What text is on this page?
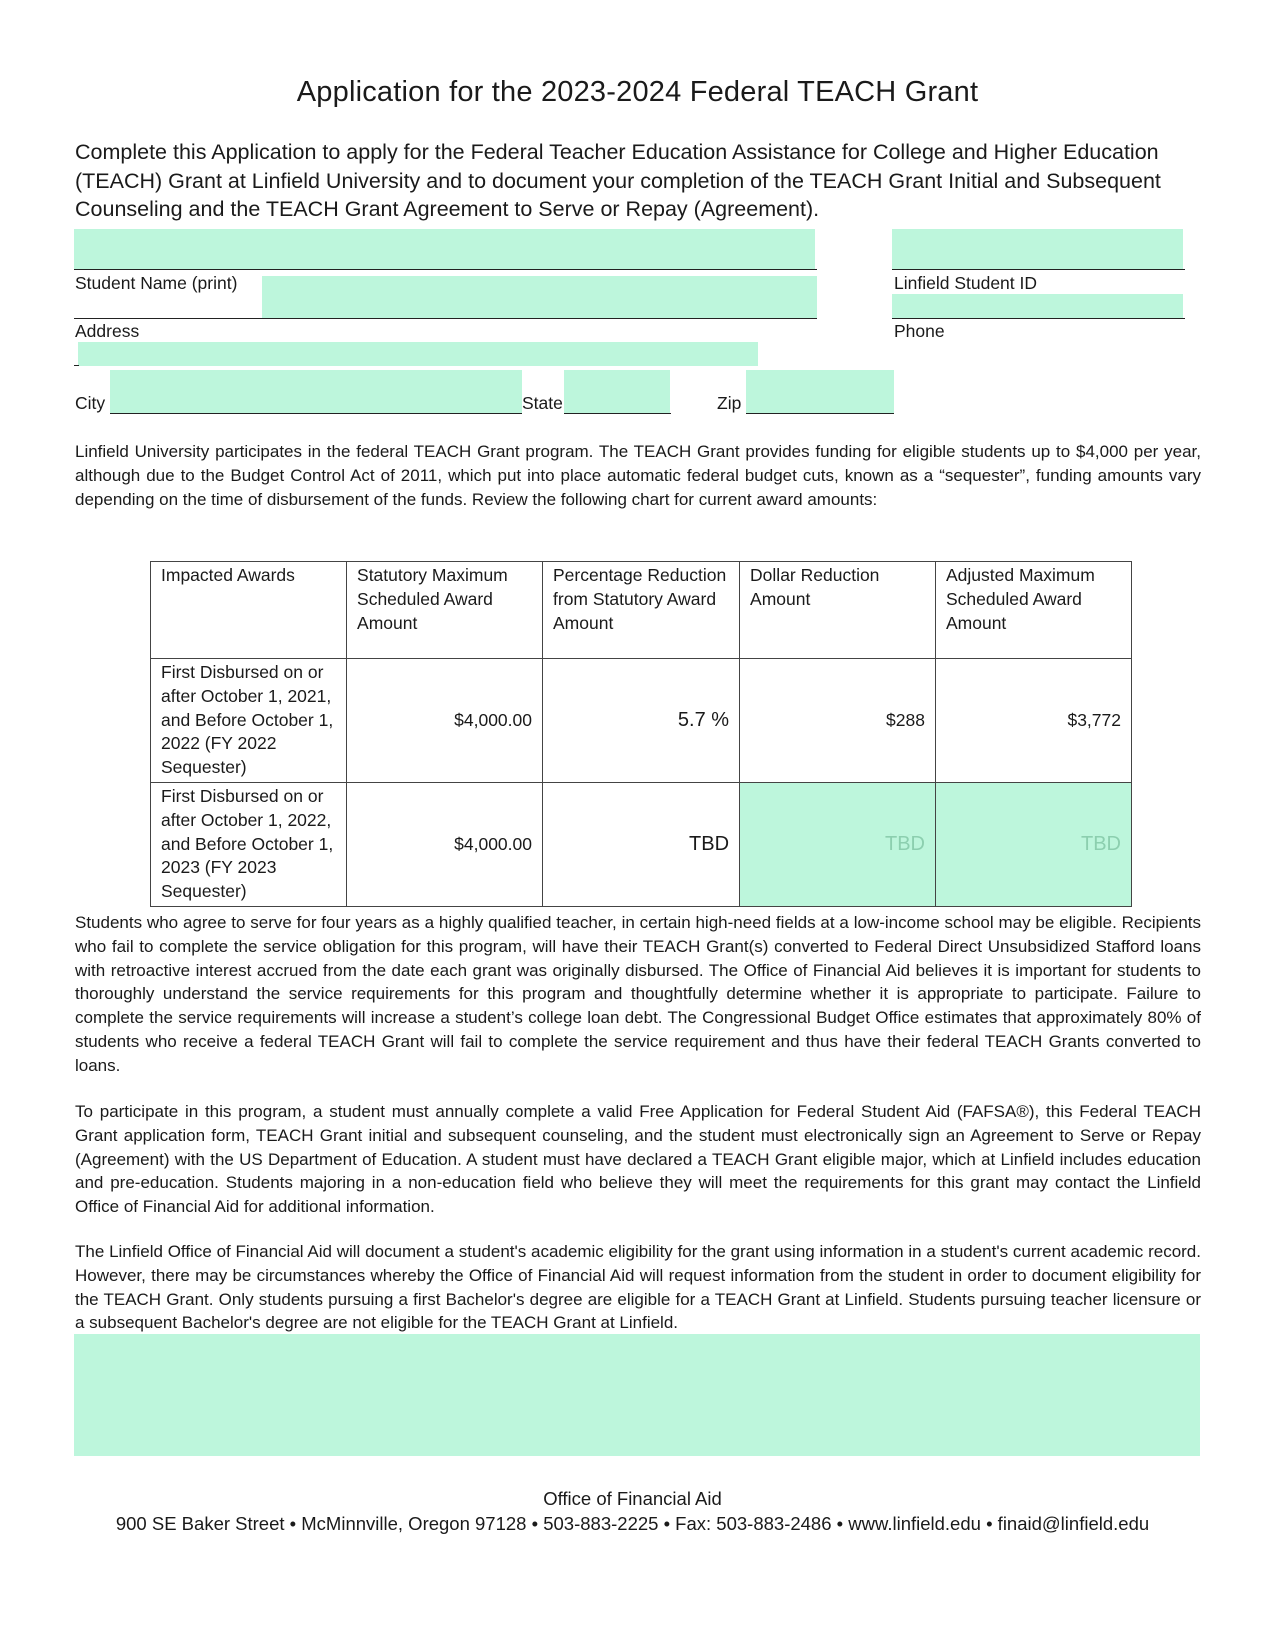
Application for the 2023-2024 Federal TEACH Grant
Complete this Application to apply for the Federal Teacher Education Assistance for College and Higher Education (TEACH) Grant at Linfield University and to document your completion of the TEACH Grant Initial and Subsequent Counseling and the TEACH Grant Agreement to Serve or Repay (Agreement).
Student Name (print)	Linfield Student ID
Address	Phone
City	State	Zip
Linfield University participates in the federal TEACH Grant program. The TEACH Grant provides funding for eligible students up to $4,000 per year, although due to the Budget Control Act of 2011, which put into place automatic federal budget cuts, known as a “sequester”, funding amounts vary depending on the time of disbursement of the funds. Review the following chart for current award amounts:
Impacted Awards	Statutory Maximum Scheduled Award Amount	Percentage Reduction from Statutory Award Amount	Dollar Reduction Amount	Adjusted Maximum Scheduled Award Amount
First Disbursed on or after October 1, 2021, and Before October 1, 2022 (FY 2022 Sequester)	$4,000.00	5.7 %	$288	$3,772
First Disbursed on or after October 1, 2022, and Before October 1, 2023 (FY 2023 Sequester)	$4,000.00	TBD	TBD	TBD
Students who agree to serve for four years as a highly qualified teacher, in certain high-need fields at a low-income school may be eligible. Recipients who fail to complete the service obligation for this program, will have their TEACH Grant(s) converted to Federal Direct Unsubsidized Stafford loans with retroactive interest accrued from the date each grant was originally disbursed. The Office of Financial Aid believes it is important for students to thoroughly understand the service requirements for this program and thoughtfully determine whether it is appropriate to participate. Failure to complete the service requirements will increase a student’s college loan debt. The Congressional Budget Office estimates that approximately 80% of students who receive a federal TEACH Grant will fail to complete the service requirement and thus have their federal TEACH Grants converted to loans.
To participate in this program, a student must annually complete a valid Free Application for Federal Student Aid (FAFSA®), this Federal TEACH Grant application form, TEACH Grant initial and subsequent counseling, and the student must electronically sign an Agreement to Serve or Repay (Agreement) with the US Department of Education. A student must have declared a TEACH Grant eligible major, which at Linfield includes education and pre-education. Students majoring in a non-education field who believe they will meet the requirements for this grant may contact the Linfield Office of Financial Aid for additional information.
The Linfield Office of Financial Aid will document a student's academic eligibility for the grant using information in a student's current academic record. However, there may be circumstances whereby the Office of Financial Aid will request information from the student in order to document eligibility for the TEACH Grant. Only students pursuing a first Bachelor's degree are eligible for a TEACH Grant at Linfield. Students pursuing teacher licensure or a subsequent Bachelor's degree are not eligible for the TEACH Grant at Linfield.
Office of Financial Aid
900 SE Baker Street • McMinnville, Oregon 97128 • 503-883-2225 • Fax: 503-883-2486 • www.linfield.edu • finaid@linfield.edu
